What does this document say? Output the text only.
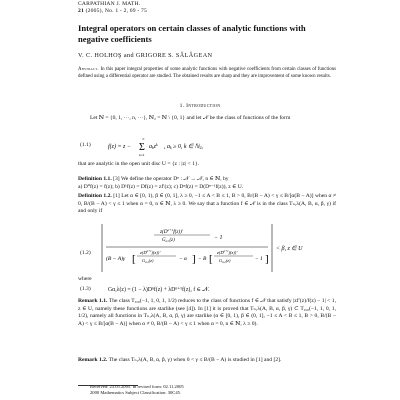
CARPATHIAN J. MATH.
21 (2005), No. 1 - 2, 69 - 75
Integral operators on certain classes of analytic functions with negative coefficients
V. C. HOLHOŞ and GRIGORE S. SĂLĂGEAN
Abstract. In this paper integral properties of some analytic functions with negative coefficients from certain classes of functions defined using a differential operator are studied. The obtained results are sharp and they are improvement of some known results.
1. Introduction
Let ℕ = {0, 1, ···, n, ···}, ℕ₂ = ℕ \ {0, 1} and let 𝒩 be the class of functions of the form
(1.1)	f(z) = z −
∞
Σ
k=2
akz$^k$ , ak ≥ 0, k ∈ ℕ2,
that are analytic in the open unit disc U = {z : |z| < 1}.
Definition 1.1. [3] We define the operator Dⁿ : 𝒩 → 𝒩, n ∈ ℕ, by
a) D⁰f(z) = f(z); b) D¹f(z) = Df(z) = zf′(z); c) Dⁿf(z) = D(Dⁿ⁻¹f(z)), z ∈ U.
Definition 1.2. [1] Let α ∈ [0, 1), β ∈ (0, 1], λ ≥ 0, −1 ≤ A < B ≤ 1, B > 0, B/(B − A) < γ ≤ B/[α(B − A)] when α ≠ 0, B/(B − A) < γ ≤ 1 when α = 0, n ∈ ℕ, λ ≥ 0. We say that a function f ∈ 𝒩 is in the class Tₙ,λ(A, B, α, β, γ) if and only if
(1.2)
$z(D^{n+1}f(z))'$
$G_{\alpha,\lambda}(z)$	− 1
(B − A)γ [
$z(D^{n+1}f(z))'$
$G_{\alpha,\lambda}(z)$	− α ] − B [
$z(D^{n+1}f(z))'$
$G_{\alpha,\lambda}(z)$	− 1 ]
< β, z ∈ U
where
(1.3)	Gα,λ(z) = (1 − λ)Dⁿf(z) + λDⁿ⁺¹f(z), f ∈ 𝒩.
Remark 1.1. The class T₀,₀(−1, 1, 0, 1, 1/2) reduces to the class of functions f ∈ 𝒩 that satisfy |zf′(z)/f(z) − 1| < 1, z ∈ U, namely these functions are starlike (see [4]). In [1] it is proved that Tₙ,λ(A, B, α, β, γ) ⊂ T₀,₀(−1, 1, 0, 1, 1/2), namely all functions in Tₙ,λ(A, B, α, β, γ) are starlike (α ∈ [0, 1), β ∈ (0, 1], −1 ≤ A < B ≤ 1, B > 0, B/(B − A) < γ ≤ B/[α(B − A)] when α ≠ 0, B/(B − A) < γ ≤ 1 when α = 0, n ∈ ℕ, λ ≥ 0).
Remark 1.2. The class Tₙ,λ(A, B, α, β, γ) when 0 < γ ≤ B/(B − A) is studied in [1] and [2].
Received: 23.05.2005. In revised form: 02.11.2005
2000 Mathematics Subject Classification. 30C45.
